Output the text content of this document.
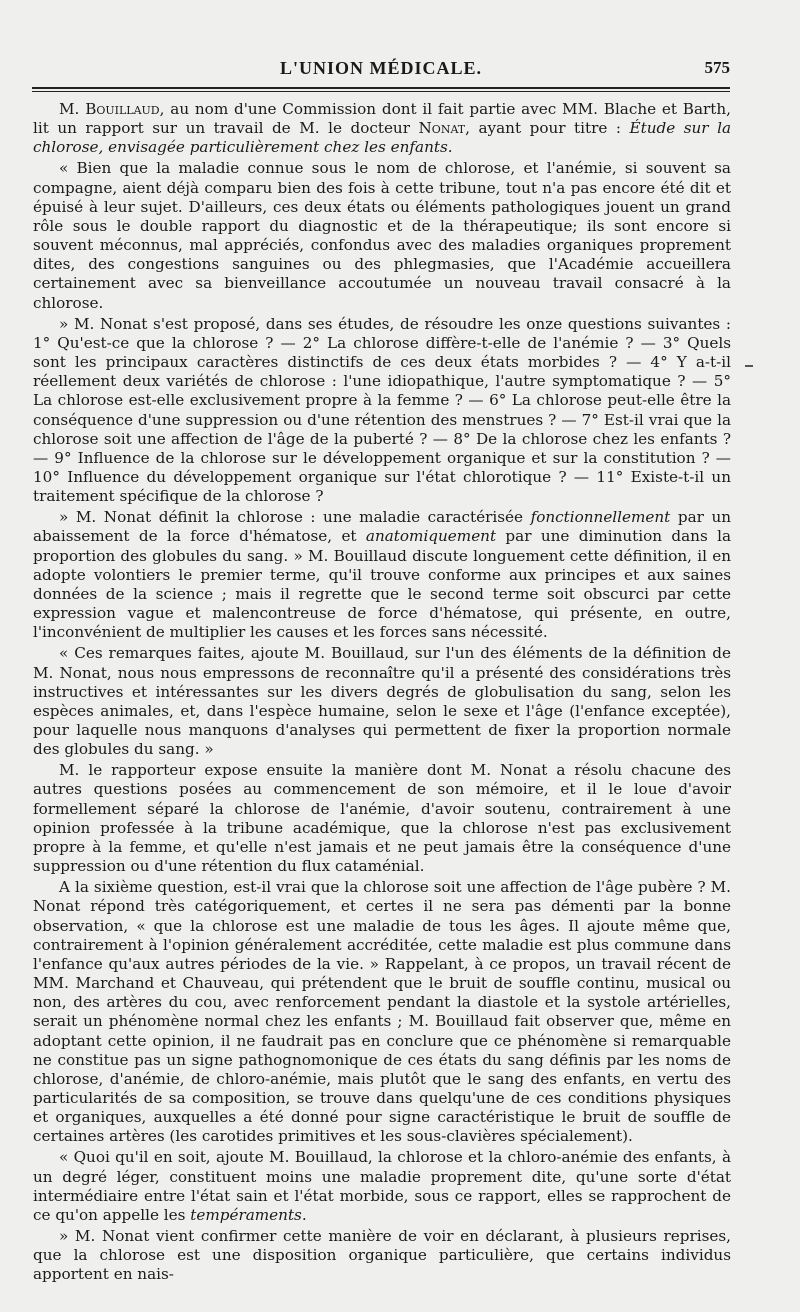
L'UNION MÉDICALE.	575

M. Bouillaud, au nom d'une Commission dont il fait partie avec MM. Blache et Barth, lit un rapport sur un travail de M. le docteur Nonat, ayant pour titre : Étude sur la chlorose, envisagée particulièrement chez les enfants.

« Bien que la maladie connue sous le nom de chlorose, et l'anémie, si souvent sa compagne, aient déjà comparu bien des fois à cette tribune, tout n'a pas encore été dit et épuisé à leur sujet. D'ailleurs, ces deux états ou éléments pathologiques jouent un grand rôle sous le double rapport du diagnostic et de la thérapeutique; ils sont encore si souvent méconnus, mal appréciés, confondus avec des maladies organiques proprement dites, des congestions sanguines ou des phlegmasies, que l'Académie accueillera certainement avec sa bienveillance accoutumée un nouveau travail consacré à la chlorose.

» M. Nonat s'est proposé, dans ses études, de résoudre les onze questions suivantes : 1° Qu'est-ce que la chlorose ? — 2° La chlorose diffère-t-elle de l'anémie ? — 3° Quels sont les principaux caractères distinctifs de ces deux états morbides ? — 4° Y a-t-il réellement deux variétés de chlorose : l'une idiopathique, l'autre symptomatique ? — 5° La chlorose est-elle exclusivement propre à la femme ? — 6° La chlorose peut-elle être la conséquence d'une suppression ou d'une rétention des menstrues ? — 7° Est-il vrai que la chlorose soit une affection de l'âge de la puberté ? — 8° De la chlorose chez les enfants ? — 9° Influence de la chlorose sur le développement organique et sur la constitution ? — 10° Influence du développement organique sur l'état chlorotique ? — 11° Existe-t-il un traitement spécifique de la chlorose ?

» M. Nonat définit la chlorose : une maladie caractérisée fonctionnellement par un abaissement de la force d'hématose, et anatomiquement par une diminution dans la proportion des globules du sang. » M. Bouillaud discute longuement cette définition, il en adopte volontiers le premier terme, qu'il trouve conforme aux principes et aux saines données de la science ; mais il regrette que le second terme soit obscurci par cette expression vague et malencontreuse de force d'hématose, qui présente, en outre, l'inconvénient de multiplier les causes et les forces sans nécessité.

« Ces remarques faites, ajoute M. Bouillaud, sur l'un des éléments de la définition de M. Nonat, nous nous empressons de reconnaître qu'il a présenté des considérations très instructives et intéressantes sur les divers degrés de globulisation du sang, selon les espèces animales, et, dans l'espèce humaine, selon le sexe et l'âge (l'enfance exceptée), pour laquelle nous manquons d'analyses qui permettent de fixer la proportion normale des globules du sang. »

M. le rapporteur expose ensuite la manière dont M. Nonat a résolu chacune des autres questions posées au commencement de son mémoire, et il le loue d'avoir formellement séparé la chlorose de l'anémie, d'avoir soutenu, contrairement à une opinion professée à la tribune académique, que la chlorose n'est pas exclusivement propre à la femme, et qu'elle n'est jamais et ne peut jamais être la conséquence d'une suppression ou d'une rétention du flux cataménial.

A la sixième question, est-il vrai que la chlorose soit une affection de l'âge pubère ? M. Nonat répond très catégoriquement, et certes il ne sera pas démenti par la bonne observation, « que la chlorose est une maladie de tous les âges. Il ajoute même que, contrairement à l'opinion généralement accréditée, cette maladie est plus commune dans l'enfance qu'aux autres périodes de la vie. » Rappelant, à ce propos, un travail récent de MM. Marchand et Chauveau, qui prétendent que le bruit de souffle continu, musical ou non, des artères du cou, avec renforcement pendant la diastole et la systole artérielles, serait un phénomène normal chez les enfants ; M. Bouillaud fait observer que, même en adoptant cette opinion, il ne faudrait pas en conclure que ce phénomène si remarquable ne constitue pas un signe pathognomonique de ces états du sang définis par les noms de chlorose, d'anémie, de chloro-anémie, mais plutôt que le sang des enfants, en vertu des particularités de sa composition, se trouve dans quelqu'une de ces conditions physiques et organiques, auxquelles a été donné pour signe caractéristique le bruit de souffle de certaines artères (les carotides primitives et les sous-clavières spécialement).

« Quoi qu'il en soit, ajoute M. Bouillaud, la chlorose et la chloro-anémie des enfants, à un degré léger, constituent moins une maladie proprement dite, qu'une sorte d'état intermédiaire entre l'état sain et l'état morbide, sous ce rapport, elles se rapprochent de ce qu'on appelle les tempéraments.

» M. Nonat vient confirmer cette manière de voir en déclarant, à plusieurs reprises, que la chlorose est une disposition organique particulière, que certains individus apportent en nais-
